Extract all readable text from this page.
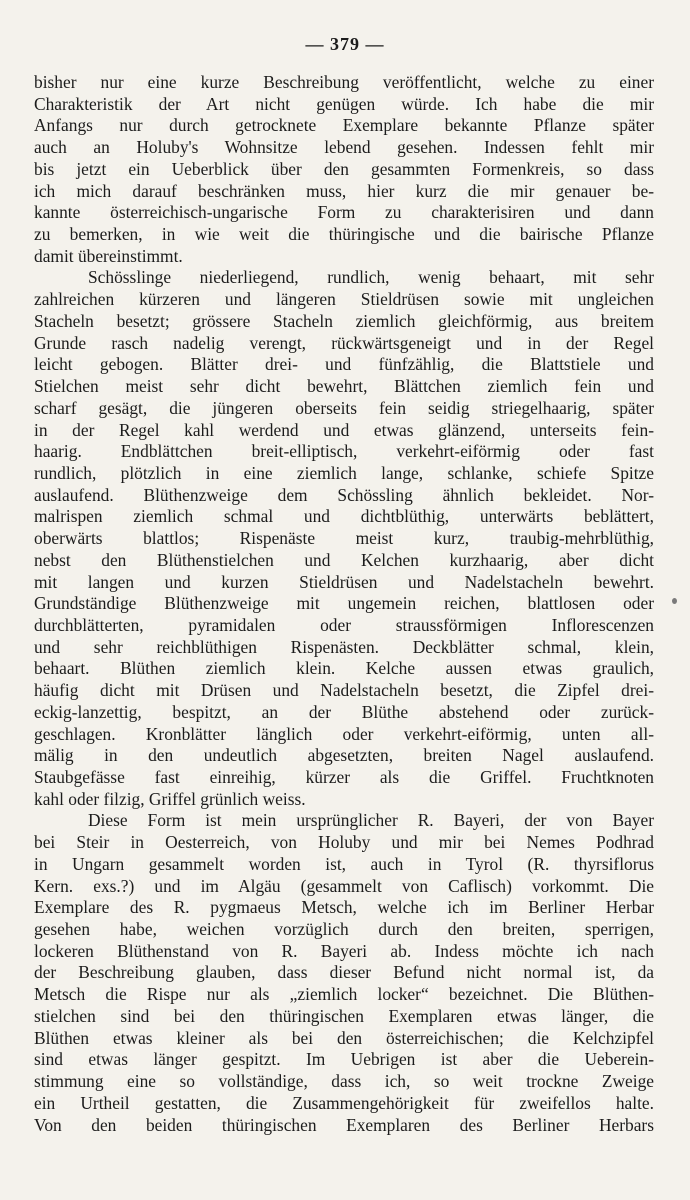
— 379 —
bisher nur eine kurze Beschreibung veröffentlicht, welche zu einer
Charakteristik der Art nicht genügen würde. Ich habe die mir
Anfangs nur durch getrocknete Exemplare bekannte Pflanze später
auch an Holuby's Wohnsitze lebend gesehen. Indessen fehlt mir
bis jetzt ein Ueberblick über den gesammten Formenkreis, so dass
ich mich darauf beschränken muss, hier kurz die mir genauer be-
kannte österreichisch-ungarische Form zu charakterisiren und dann
zu bemerken, in wie weit die thüringische und die bairische Pflanze
damit übereinstimmt.
Schösslinge niederliegend, rundlich, wenig behaart, mit sehr
zahlreichen kürzeren und längeren Stieldrüsen sowie mit ungleichen
Stacheln besetzt; grössere Stacheln ziemlich gleichförmig, aus breitem
Grunde rasch nadelig verengt, rückwärtsgeneigt und in der Regel
leicht gebogen. Blätter drei- und fünfzählig, die Blattstiele und
Stielchen meist sehr dicht bewehrt, Blättchen ziemlich fein und
scharf gesägt, die jüngeren oberseits fein seidig striegelhaarig, später
in der Regel kahl werdend und etwas glänzend, unterseits fein-
haarig. Endblättchen breit-elliptisch, verkehrt-eiförmig oder fast
rundlich, plötzlich in eine ziemlich lange, schlanke, schiefe Spitze
auslaufend. Blüthenzweige dem Schössling ähnlich bekleidet. Nor-
malrispen ziemlich schmal und dichtblüthig, unterwärts beblättert,
oberwärts blattlos; Rispenäste meist kurz, traubig-mehrblüthig,
nebst den Blüthenstielchen und Kelchen kurzhaarig, aber dicht
mit langen und kurzen Stieldrüsen und Nadelstacheln bewehrt.
Grundständige Blüthenzweige mit ungemein reichen, blattlosen oder
durchblätterten, pyramidalen oder straussförmigen Inflorescenzen
und sehr reichblüthigen Rispenästen. Deckblätter schmal, klein,
behaart. Blüthen ziemlich klein. Kelche aussen etwas graulich,
häufig dicht mit Drüsen und Nadelstacheln besetzt, die Zipfel drei-
eckig-lanzettig, bespitzt, an der Blüthe abstehend oder zurück-
geschlagen. Kronblätter länglich oder verkehrt-eiförmig, unten all-
mälig in den undeutlich abgesetzten, breiten Nagel auslaufend.
Staubgefässe fast einreihig, kürzer als die Griffel. Fruchtknoten
kahl oder filzig, Griffel grünlich weiss.
Diese Form ist mein ursprünglicher R. Bayeri, der von Bayer
bei Steir in Oesterreich, von Holuby und mir bei Nemes Podhrad
in Ungarn gesammelt worden ist, auch in Tyrol (R. thyrsiflorus
Kern. exs.?) und im Algäu (gesammelt von Caflisch) vorkommt. Die
Exemplare des R. pygmaeus Metsch, welche ich im Berliner Herbar
gesehen habe, weichen vorzüglich durch den breiten, sperrigen,
lockeren Blüthenstand von R. Bayeri ab. Indess möchte ich nach
der Beschreibung glauben, dass dieser Befund nicht normal ist, da
Metsch die Rispe nur als „ziemlich locker“ bezeichnet. Die Blüthen-
stielchen sind bei den thüringischen Exemplaren etwas länger, die
Blüthen etwas kleiner als bei den österreichischen; die Kelchzipfel
sind etwas länger gespitzt. Im Uebrigen ist aber die Ueberein-
stimmung eine so vollständige, dass ich, so weit trockne Zweige
ein Urtheil gestatten, die Zusammengehörigkeit für zweifellos halte.
Von den beiden thüringischen Exemplaren des Berliner Herbars
